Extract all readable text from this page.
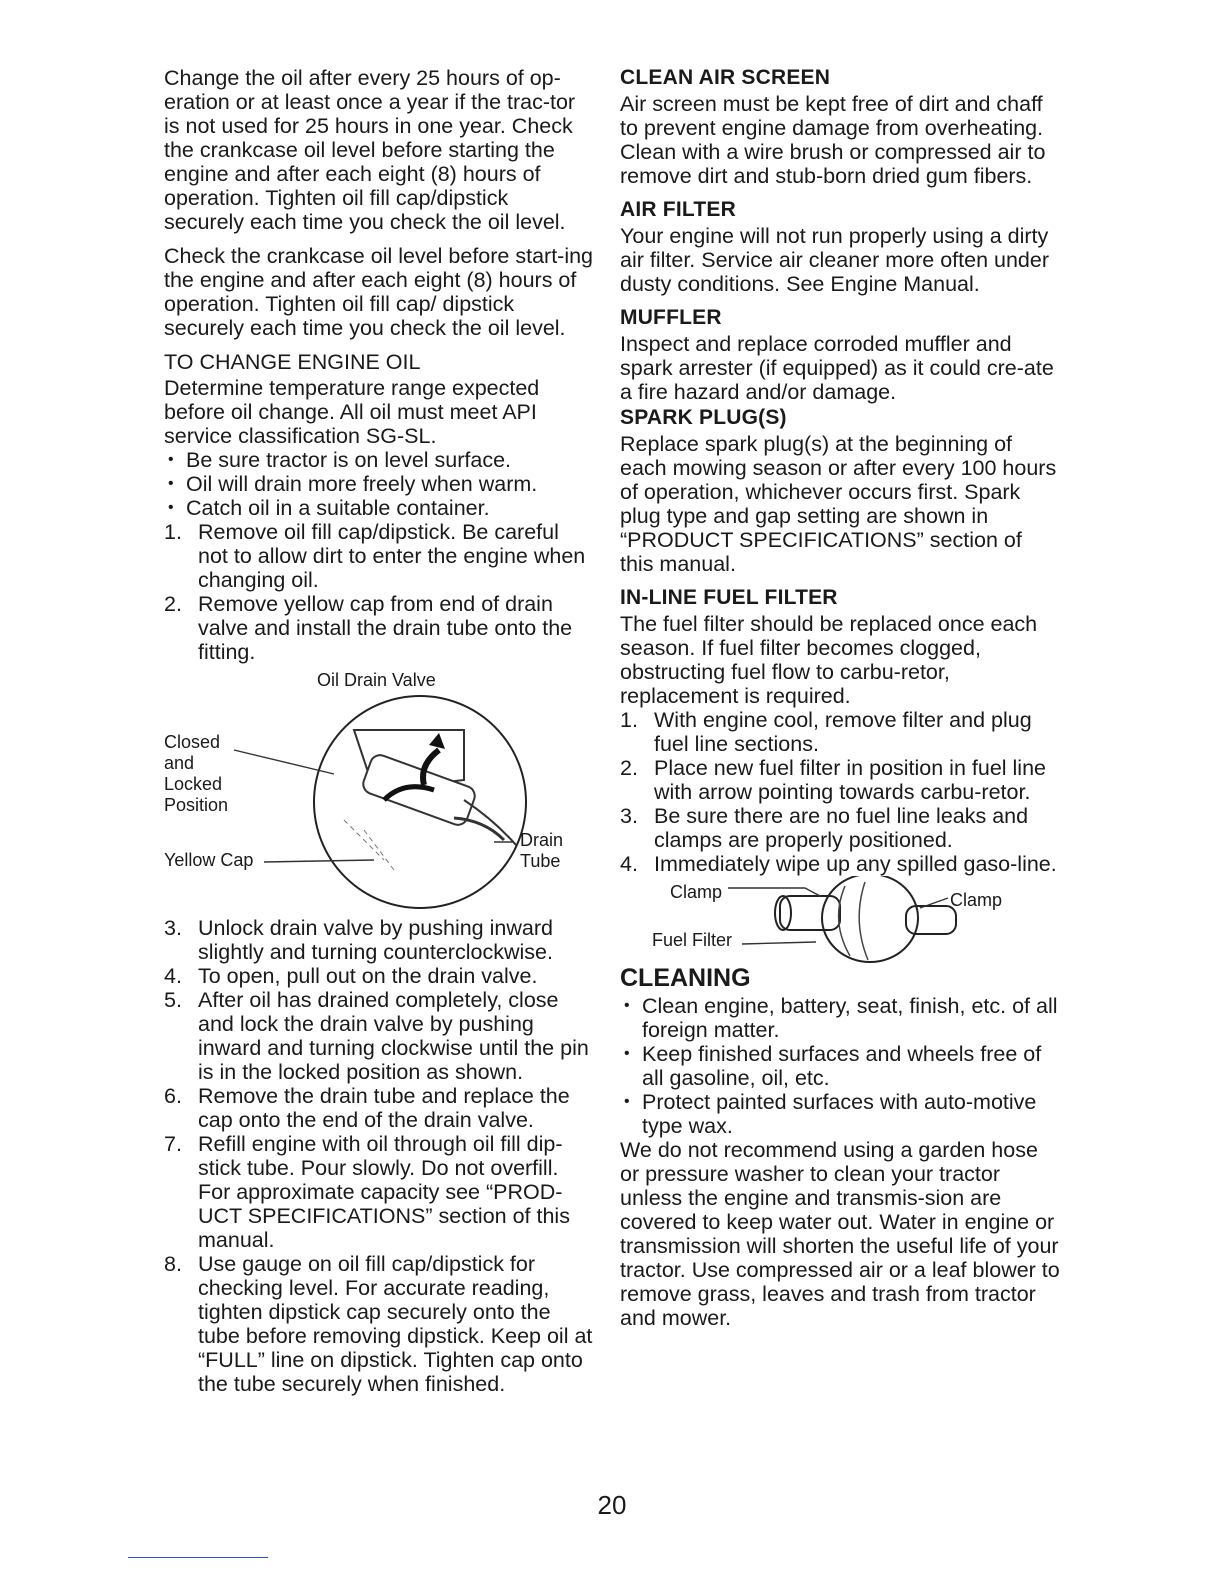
Change the oil after every 25 hours of op-eration or at least once a year if the trac-tor is not used for 25 hours in one year. Check the crankcase oil level before starting the engine and after each eight (8) hours of operation. Tighten oil fill cap/dipstick securely each time you check the oil level.

Check the crankcase oil level before start-ing the engine and after each eight (8) hours of operation. Tighten oil fill cap/ dipstick securely each time you check the oil level.

TO CHANGE ENGINE OIL
Determine temperature range expected before oil change. All oil must meet API service classification SG-SL.
• Be sure tractor is on level surface.
• Oil will drain more freely when warm.
• Catch oil in a suitable container.
1. Remove oil fill cap/dipstick. Be careful not to allow dirt to enter the engine when changing oil.
2. Remove yellow cap from end of drain valve and install the drain tube onto the fitting.
Oil Drain Valve
Closed and Locked Position
Yellow Cap
Drain Tube
3. Unlock drain valve by pushing inward slightly and turning counterclockwise.
4. To open, pull out on the drain valve.
5. After oil has drained completely, close and lock the drain valve by pushing inward and turning clockwise until the pin is in the locked position as shown.
6. Remove the drain tube and replace the cap onto the end of the drain valve.
7. Refill engine with oil through oil fill dip-stick tube. Pour slowly. Do not overfill. For approximate capacity see “PROD-UCT SPECIFICATIONS” section of this manual.
8. Use gauge on oil fill cap/dipstick for checking level. For accurate reading, tighten dipstick cap securely onto the tube before removing dipstick. Keep oil at “FULL” line on dipstick. Tighten cap onto the tube securely when finished.
CLEAN AIR SCREEN

Air screen must be kept free of dirt and chaff to prevent engine damage from overheating. Clean with a wire brush or compressed air to remove dirt and stub-born dried gum fibers.

AIR FILTER

Your engine will not run properly using a dirty air filter. Service air cleaner more often under dusty conditions. See Engine Manual.

MUFFLER

Inspect and replace corroded muffler and spark arrester (if equipped) as it could cre-ate a fire hazard and/or damage.

SPARK PLUG(S)

Replace spark plug(s) at the beginning of each mowing season or after every 100 hours of operation, whichever occurs first. Spark plug type and gap setting are shown in “PRODUCT SPECIFICATIONS” section of this manual.

IN-LINE FUEL FILTER
The fuel filter should be replaced once each season. If fuel filter becomes clogged, obstructing fuel flow to carbu-retor, replacement is required.
1. With engine cool, remove filter and plug fuel line sections.
2. Place new fuel filter in position in fuel line with arrow pointing towards carbu-retor.
3. Be sure there are no fuel line leaks and clamps are properly positioned.
4. Immediately wipe up any spilled gaso-line.
Clamp	Clamp
Fuel Filter
CLEANING
• Clean engine, battery, seat, finish, etc. of all foreign matter.
• Keep finished surfaces and wheels free of all gasoline, oil, etc.
• Protect painted surfaces with auto-motive type wax.

We do not recommend using a garden hose or pressure washer to clean your tractor unless the engine and transmis-sion are covered to keep water out. Water in engine or transmission will shorten the useful life of your tractor. Use compressed air or a leaf blower to remove grass, leaves and trash from tractor and mower.

20
